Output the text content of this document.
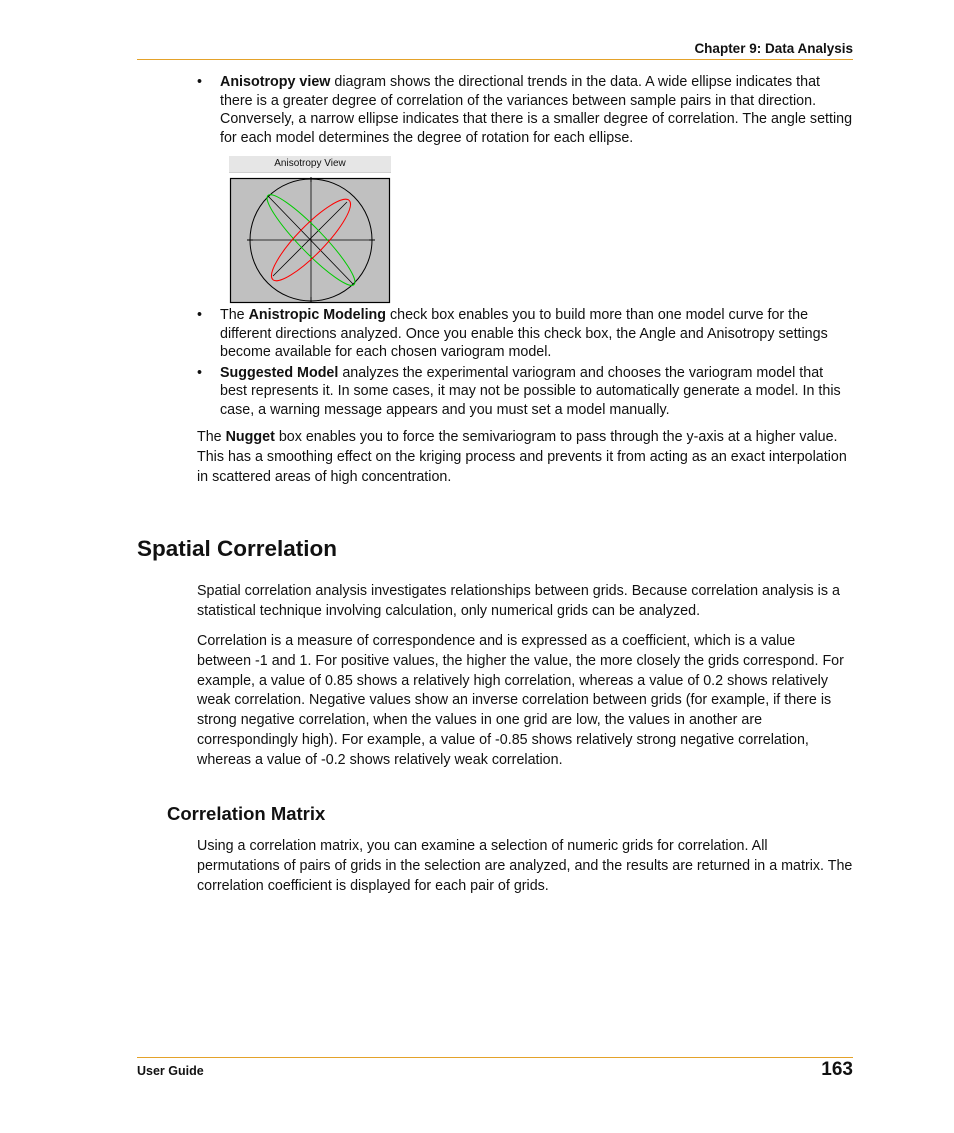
Chapter 9: Data Analysis
• Anisotropy view diagram shows the directional trends in the data. A wide ellipse indicates that there is a greater degree of correlation of the variances between sample pairs in that direction. Conversely, a narrow ellipse indicates that there is a smaller degree of correlation. The angle setting for each model determines the degree of rotation for each ellipse.
Anisotropy View
• The Anistropic Modeling check box enables you to build more than one model curve for the different directions analyzed. Once you enable this check box, the Angle and Anisotropy settings become available for each chosen variogram model.
• Suggested Model analyzes the experimental variogram and chooses the variogram model that best represents it. In some cases, it may not be possible to automatically generate a model. In this case, a warning message appears and you must set a model manually.

The Nugget box enables you to force the semivariogram to pass through the y-axis at a higher value. This has a smoothing effect on the kriging process and prevents it from acting as an exact interpolation in scattered areas of high concentration.

Spatial Correlation

Spatial correlation analysis investigates relationships between grids. Because correlation analysis is a statistical technique involving calculation, only numerical grids can be analyzed.

Correlation is a measure of correspondence and is expressed as a coefficient, which is a value between -1 and 1. For positive values, the higher the value, the more closely the grids correspond. For example, a value of 0.85 shows a relatively high correlation, whereas a value of 0.2 shows relatively weak correlation. Negative values show an inverse correlation between grids (for example, if there is strong negative correlation, when the values in one grid are low, the values in another are correspondingly high). For example, a value of -0.85 shows relatively strong negative correlation, whereas a value of -0.2 shows relatively weak correlation.

Correlation Matrix

Using a correlation matrix, you can examine a selection of numeric grids for correlation. All permutations of pairs of grids in the selection are analyzed, and the results are returned in a matrix. The correlation coefficient is displayed for each pair of grids.

User Guide	163
